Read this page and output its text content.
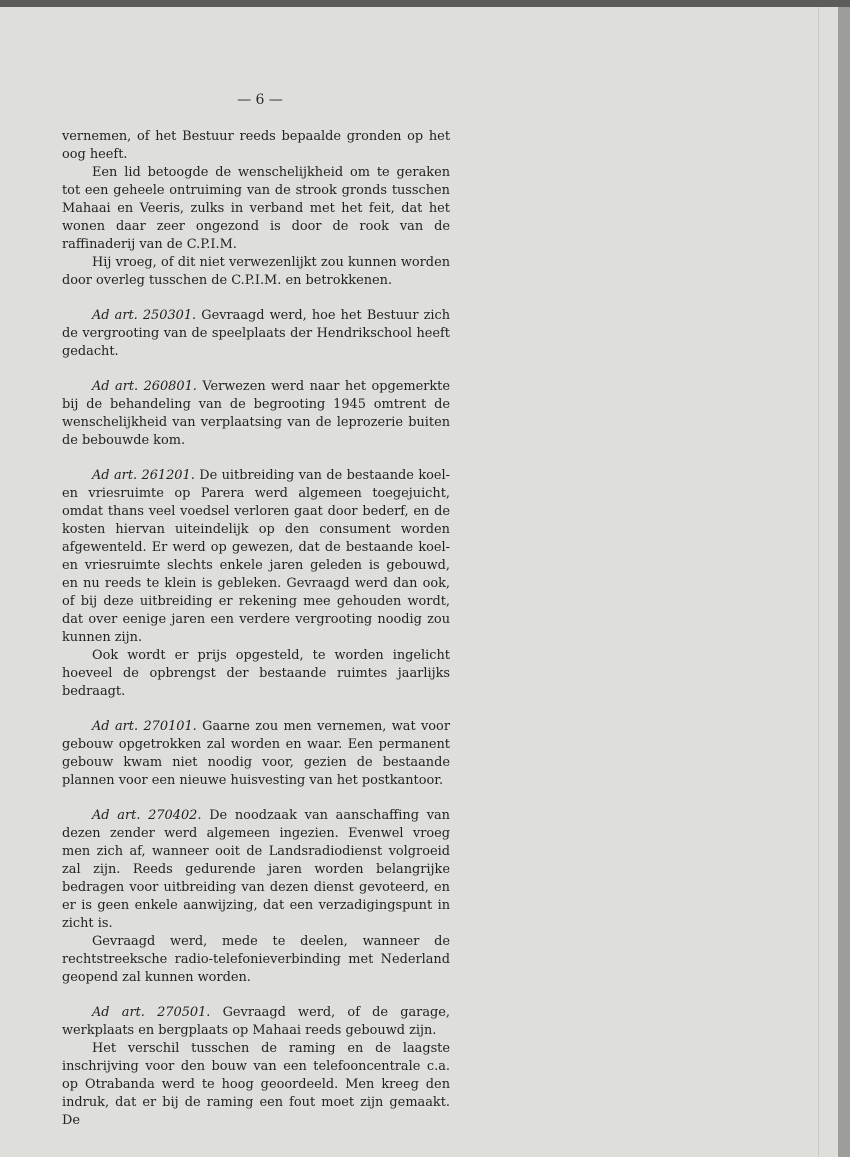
— 6 —

vernemen, of het Bestuur reeds bepaalde gronden op het oog heeft.

Een lid betoogde de wenschelijkheid om te geraken tot een geheele ontruiming van de strook gronds tusschen Mahaai en Veeris, zulks in verband met het feit, dat het wonen daar zeer ongezond is door de rook van de raffinaderij van de C.P.I.M.

Hij vroeg, of dit niet verwezenlijkt zou kunnen worden door overleg tusschen de C.P.I.M. en betrokkenen.

Ad art. 250301. Gevraagd werd, hoe het Bestuur zich de vergrooting van de speelplaats der Hendrikschool heeft gedacht.

Ad art. 260801. Verwezen werd naar het opgemerkte bij de behandeling van de begrooting 1945 omtrent de wenschelijkheid van verplaatsing van de leprozerie buiten de bebouwde kom.

Ad art. 261201. De uitbreiding van de bestaande koel- en vriesruimte op Parera werd algemeen toegejuicht, omdat thans veel voedsel verloren gaat door bederf, en de kosten hiervan uiteindelijk op den consument worden afgewenteld. Er werd op gewezen, dat de bestaande koel- en vriesruimte slechts enkele jaren geleden is gebouwd, en nu reeds te klein is gebleken. Gevraagd werd dan ook, of bij deze uitbreiding er rekening mee gehouden wordt, dat over eenige jaren een verdere vergrooting noodig zou kunnen zijn.

Ook wordt er prijs opgesteld, te worden ingelicht hoeveel de opbrengst der bestaande ruimtes jaarlijks bedraagt.

Ad art. 270101. Gaarne zou men vernemen, wat voor gebouw opgetrokken zal worden en waar. Een permanent gebouw kwam niet noodig voor, gezien de bestaande plannen voor een nieuwe huisvesting van het postkantoor.

Ad art. 270402. De noodzaak van aanschaffing van dezen zender werd algemeen ingezien. Evenwel vroeg men zich af, wanneer ooit de Landsradiodienst volgroeid zal zijn. Reeds gedurende jaren worden belangrijke bedragen voor uitbreiding van dezen dienst gevoteerd, en er is geen enkele aanwijzing, dat een verzadigingspunt in zicht is.

Gevraagd werd, mede te deelen, wanneer de rechtstreeksche radio-telefonieverbinding met Nederland geopend zal kunnen worden.

Ad art. 270501. Gevraagd werd, of de garage, werkplaats en bergplaats op Mahaai reeds gebouwd zijn.

Het verschil tusschen de raming en de laagste inschrijving voor den bouw van een telefooncentrale c.a. op Otrabanda werd te hoog geoordeeld. Men kreeg den indruk, dat er bij de raming een fout moet zijn gemaakt. De
